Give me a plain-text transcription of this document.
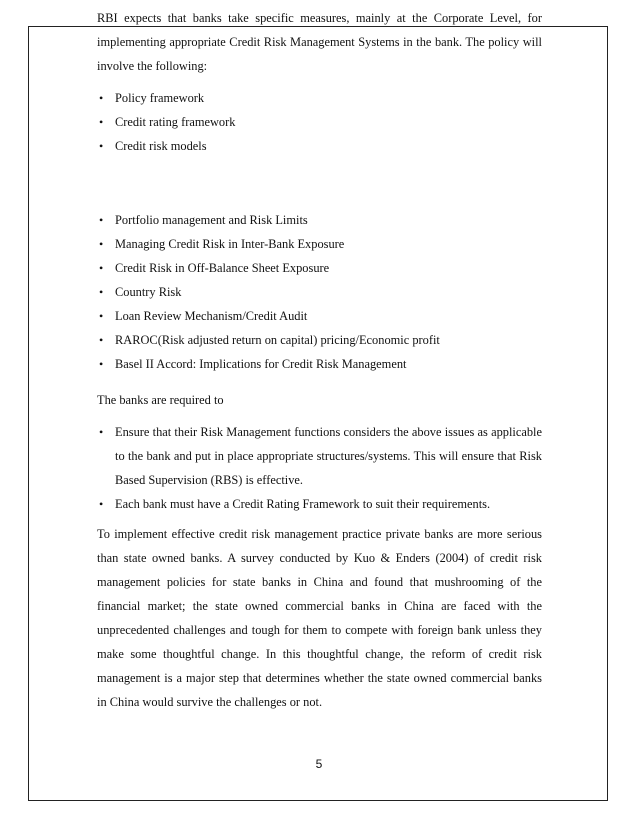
RBI expects that banks take specific measures, mainly at the Corporate Level, for implementing appropriate Credit Risk Management Systems in the bank. The policy will involve the following:

• Policy framework
• Credit rating framework
• Credit risk models
• Portfolio management and Risk Limits
• Managing Credit Risk in Inter-Bank Exposure
• Credit Risk in Off-Balance Sheet Exposure
• Country Risk
• Loan Review Mechanism/Credit Audit
• RAROC(Risk adjusted return on capital) pricing/Economic profit
• Basel II Accord: Implications for Credit Risk Management

The banks are required to

• Ensure that their Risk Management functions considers the above issues as applicable to the bank and put in place appropriate structures/systems. This will ensure that Risk Based Supervision (RBS) is effective.
• Each bank must have a Credit Rating Framework to suit their requirements.

To implement effective credit risk management practice private banks are more serious than state owned banks. A survey conducted by Kuo & Enders (2004) of credit risk management policies for state banks in China and found that mushrooming of the financial market; the state owned commercial banks in China are faced with the unprecedented challenges and tough for them to compete with foreign bank unless they make some thoughtful change. In this thoughtful change, the reform of credit risk management is a major step that determines whether the state owned commercial banks in China would survive the challenges or not.

5
